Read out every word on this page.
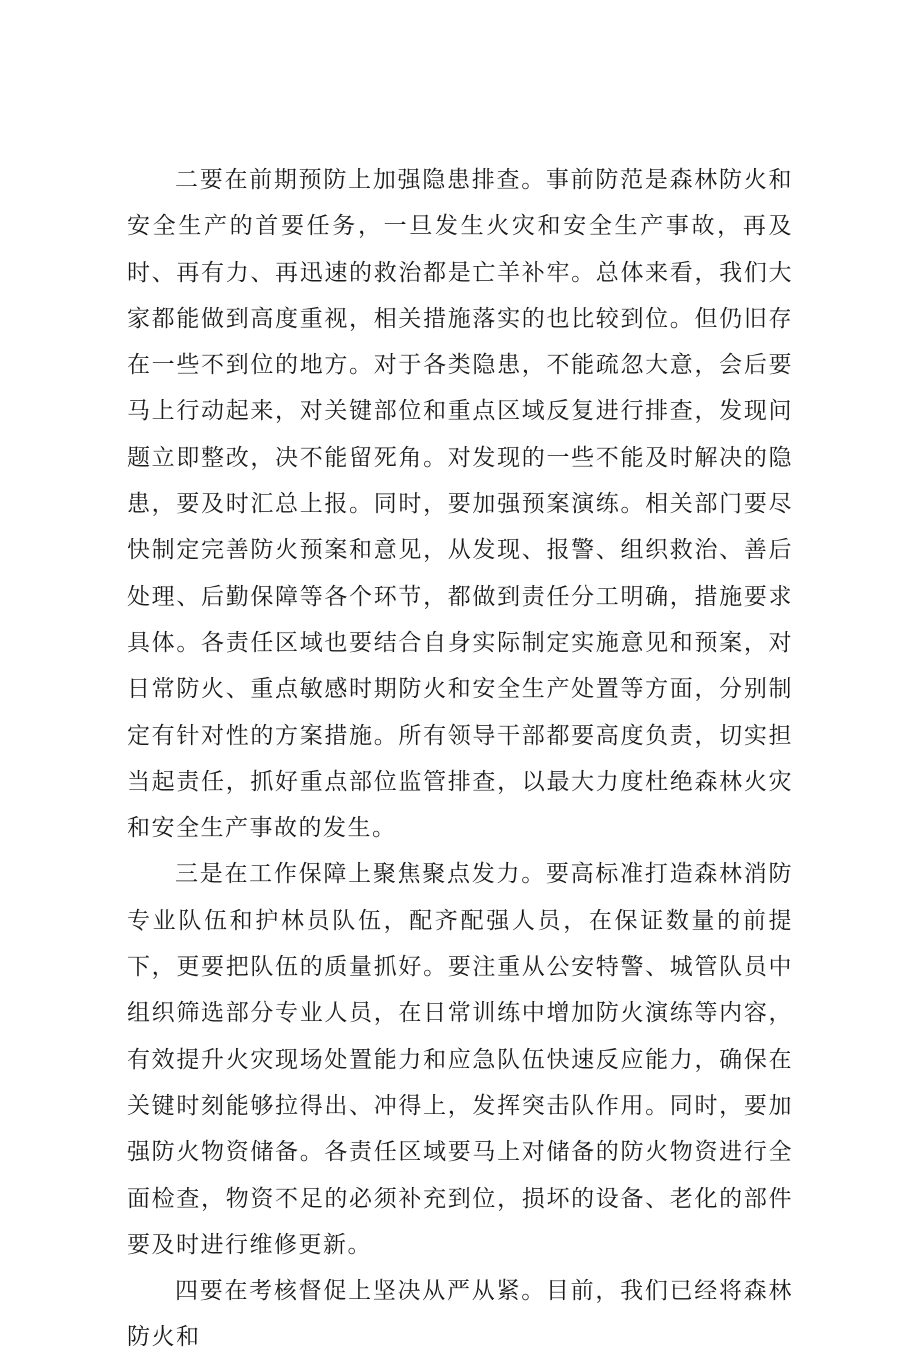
二要在前期预防上加强隐患排查。事前防范是森林防火和安全生产的首要任务，一旦发生火灾和安全生产事故，再及时、再有力、再迅速的救治都是亡羊补牢。总体来看，我们大家都能做到高度重视，相关措施落实的也比较到位。但仍旧存在一些不到位的地方。对于各类隐患，不能疏忽大意，会后要马上行动起来，对关键部位和重点区域反复进行排查，发现问题立即整改，决不能留死角。对发现的一些不能及时解决的隐患，要及时汇总上报。同时，要加强预案演练。相关部门要尽快制定完善防火预案和意见，从发现、报警、组织救治、善后处理、后勤保障等各个环节，都做到责任分工明确，措施要求具体。各责任区域也要结合自身实际制定实施意见和预案，对日常防火、重点敏感时期防火和安全生产处置等方面，分别制定有针对性的方案措施。所有领导干部都要高度负责，切实担当起责任，抓好重点部位监管排查，以最大力度杜绝森林火灾和安全生产事故的发生。

三是在工作保障上聚焦聚点发力。要高标准打造森林消防专业队伍和护林员队伍，配齐配强人员，在保证数量的前提下，更要把队伍的质量抓好。要注重从公安特警、城管队员中组织筛选部分专业人员，在日常训练中增加防火演练等内容，有效提升火灾现场处置能力和应急队伍快速反应能力，确保在关键时刻能够拉得出、冲得上，发挥突击队作用。同时，要加强防火物资储备。各责任区域要马上对储备的防火物资进行全面检查，物资不足的必须补充到位，损坏的设备、老化的部件要及时进行维修更新。

四要在考核督促上坚决从严从紧。目前，我们已经将森林防火和
